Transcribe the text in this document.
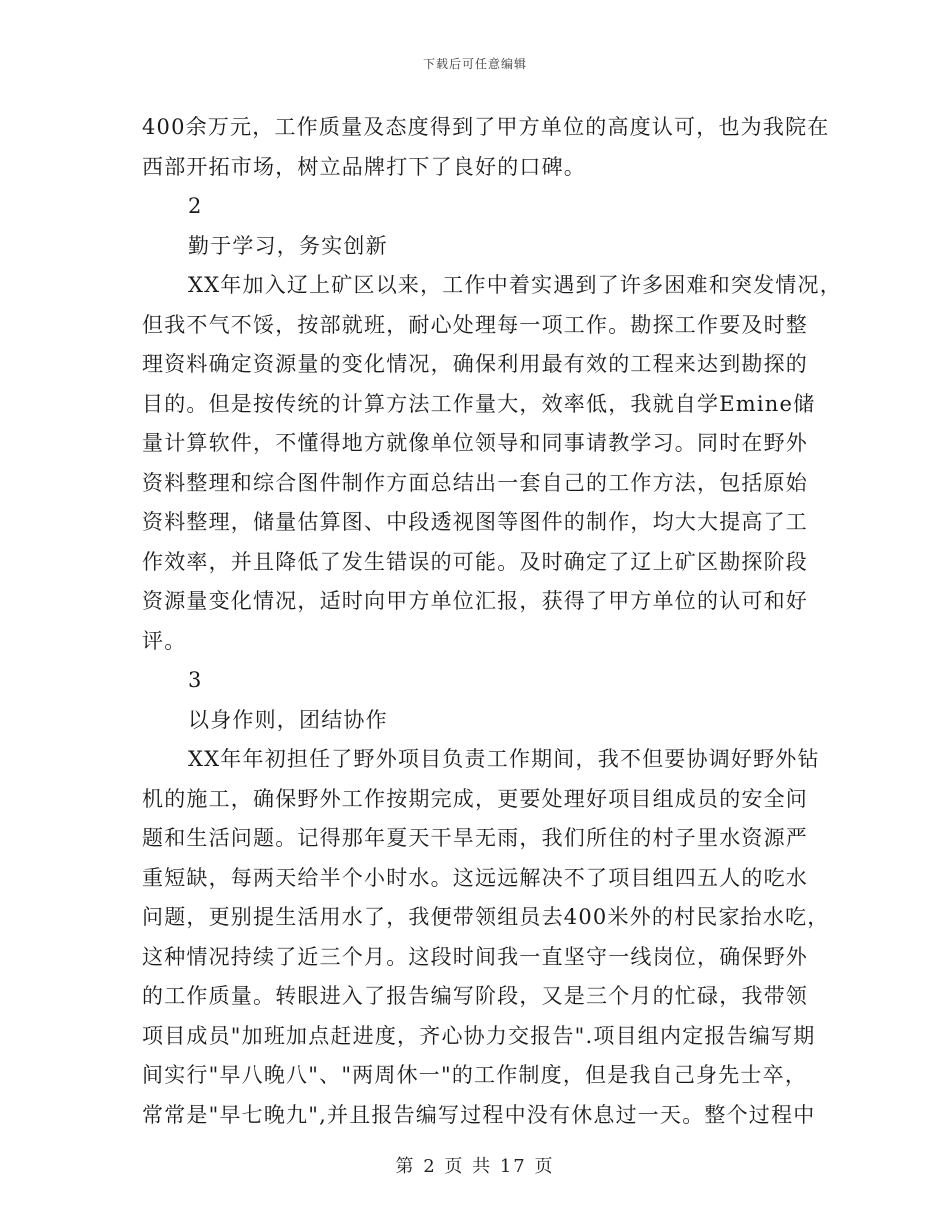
下载后可任意编辑
400余万元，工作质量及态度得到了甲方单位的高度认可，也为我院在
西部开拓市场，树立品牌打下了良好的口碑。
2
勤于学习，务实创新
XX年加入辽上矿区以来，工作中着实遇到了许多困难和突发情况，
但我不气不馁，按部就班，耐心处理每一项工作。勘探工作要及时整
理资料确定资源量的变化情况，确保利用最有效的工程来达到勘探的
目的。但是按传统的计算方法工作量大，效率低，我就自学Emine储
量计算软件，不懂得地方就像单位领导和同事请教学习。同时在野外
资料整理和综合图件制作方面总结出一套自己的工作方法，包括原始
资料整理，储量估算图、中段透视图等图件的制作，均大大提高了工
作效率，并且降低了发生错误的可能。及时确定了辽上矿区勘探阶段
资源量变化情况，适时向甲方单位汇报，获得了甲方单位的认可和好
评。
3
以身作则，团结协作
XX年年初担任了野外项目负责工作期间，我不但要协调好野外钻
机的施工，确保野外工作按期完成，更要处理好项目组成员的安全问
题和生活问题。记得那年夏天干旱无雨，我们所住的村子里水资源严
重短缺，每两天给半个小时水。这远远解决不了项目组四五人的吃水
问题，更别提生活用水了，我便带领组员去400米外的村民家抬水吃，
这种情况持续了近三个月。这段时间我一直坚守一线岗位，确保野外
的工作质量。转眼进入了报告编写阶段，又是三个月的忙碌，我带领
项目成员"加班加点赶进度，齐心协力交报告".项目组内定报告编写期
间实行"早八晚八"、"两周休一"的工作制度，但是我自己身先士卒，
常常是"早七晚九",并且报告编写过程中没有休息过一天。整个过程中
第 2 页 共 17 页
